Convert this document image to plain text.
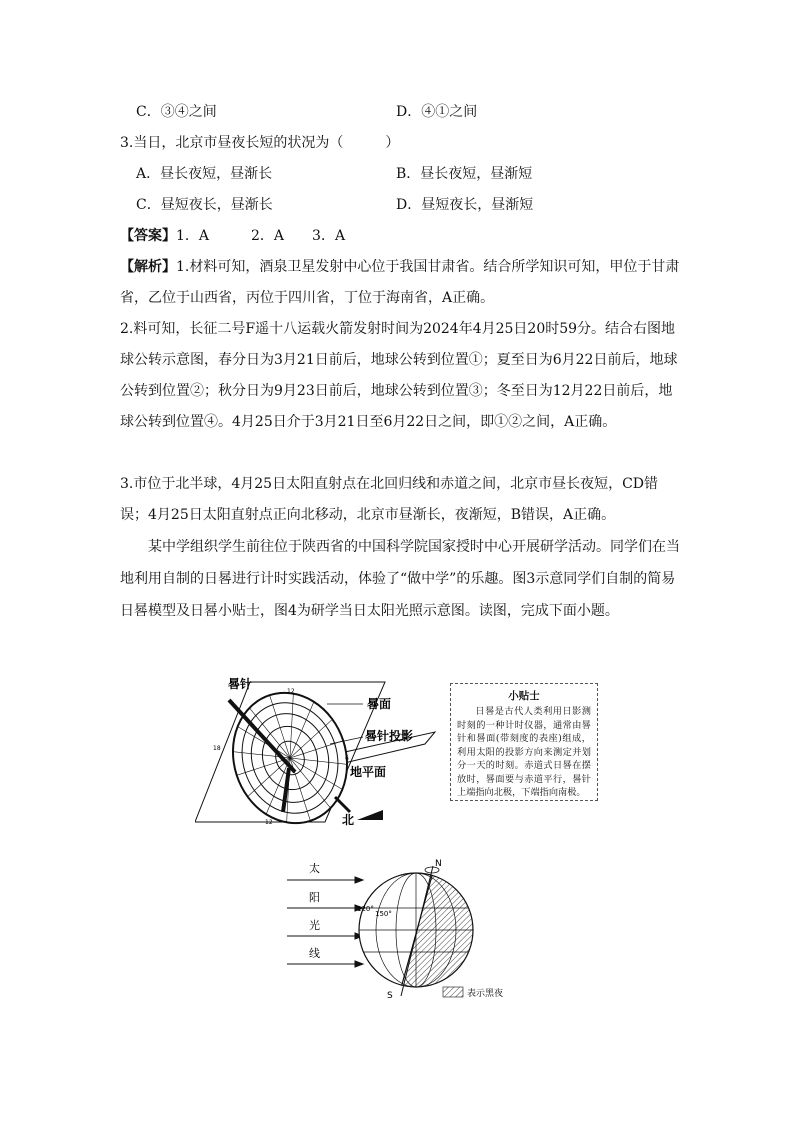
C．③④之间	D．④①之间
3.当日，北京市昼夜长短的状况为（　　　）
A．昼长夜短，昼渐长	B．昼长夜短，昼渐短
C．昼短夜长，昼渐长	D．昼短夜长，昼渐短
【答案】1．A　　　2．A　　3．A
【解析】1.材料可知，酒泉卫星发射中心位于我国甘肃省。结合所学知识可知，甲位于甘肃省，乙位于山西省，丙位于四川省，丁位于海南省，A正确。
2.料可知，长征二号F遥十八运载火箭发射时间为2024年4月25日20时59分。结合右图地球公转示意图，春分日为3月21日前后，地球公转到位置①；夏至日为6月22日前后，地球公转到位置②；秋分日为9月23日前后，地球公转到位置③；冬至日为12月22日前后，地球公转到位置④。4月25日介于3月21日至6月22日之间，即①②之间，A正确。
3.市位于北半球，4月25日太阳直射点在北回归线和赤道之间，北京市昼长夜短，CD错误；4月25日太阳直射点正向北移动，北京市昼渐长，夜渐短，B错误，A正确。
某中学组织学生前往位于陕西省的中国科学院国家授时中心开展研学活动。同学们在当地利用自制的日晷进行计时实践活动，体验了“做中学”的乐趣。图3示意同学们自制的简易日晷模型及日晷小贴士，图4为研学当日太阳光照示意图。读图，完成下面小题。
12
6
12
18
晷针
晷面
晷针投影
地平面
北
小贴士
日晷是古代人类利用日影测时刻的一种计时仪器，通常由晷针和晷面(带刻度的表座)组成，利用太阳的投影方向来测定并划分一天的时刻。赤道式日晷在摆放时，晷面要与赤道平行，晷针上端指向北极，下端指向南极。
太
阳
光
线
N
S
120°
150°
表示黑夜
